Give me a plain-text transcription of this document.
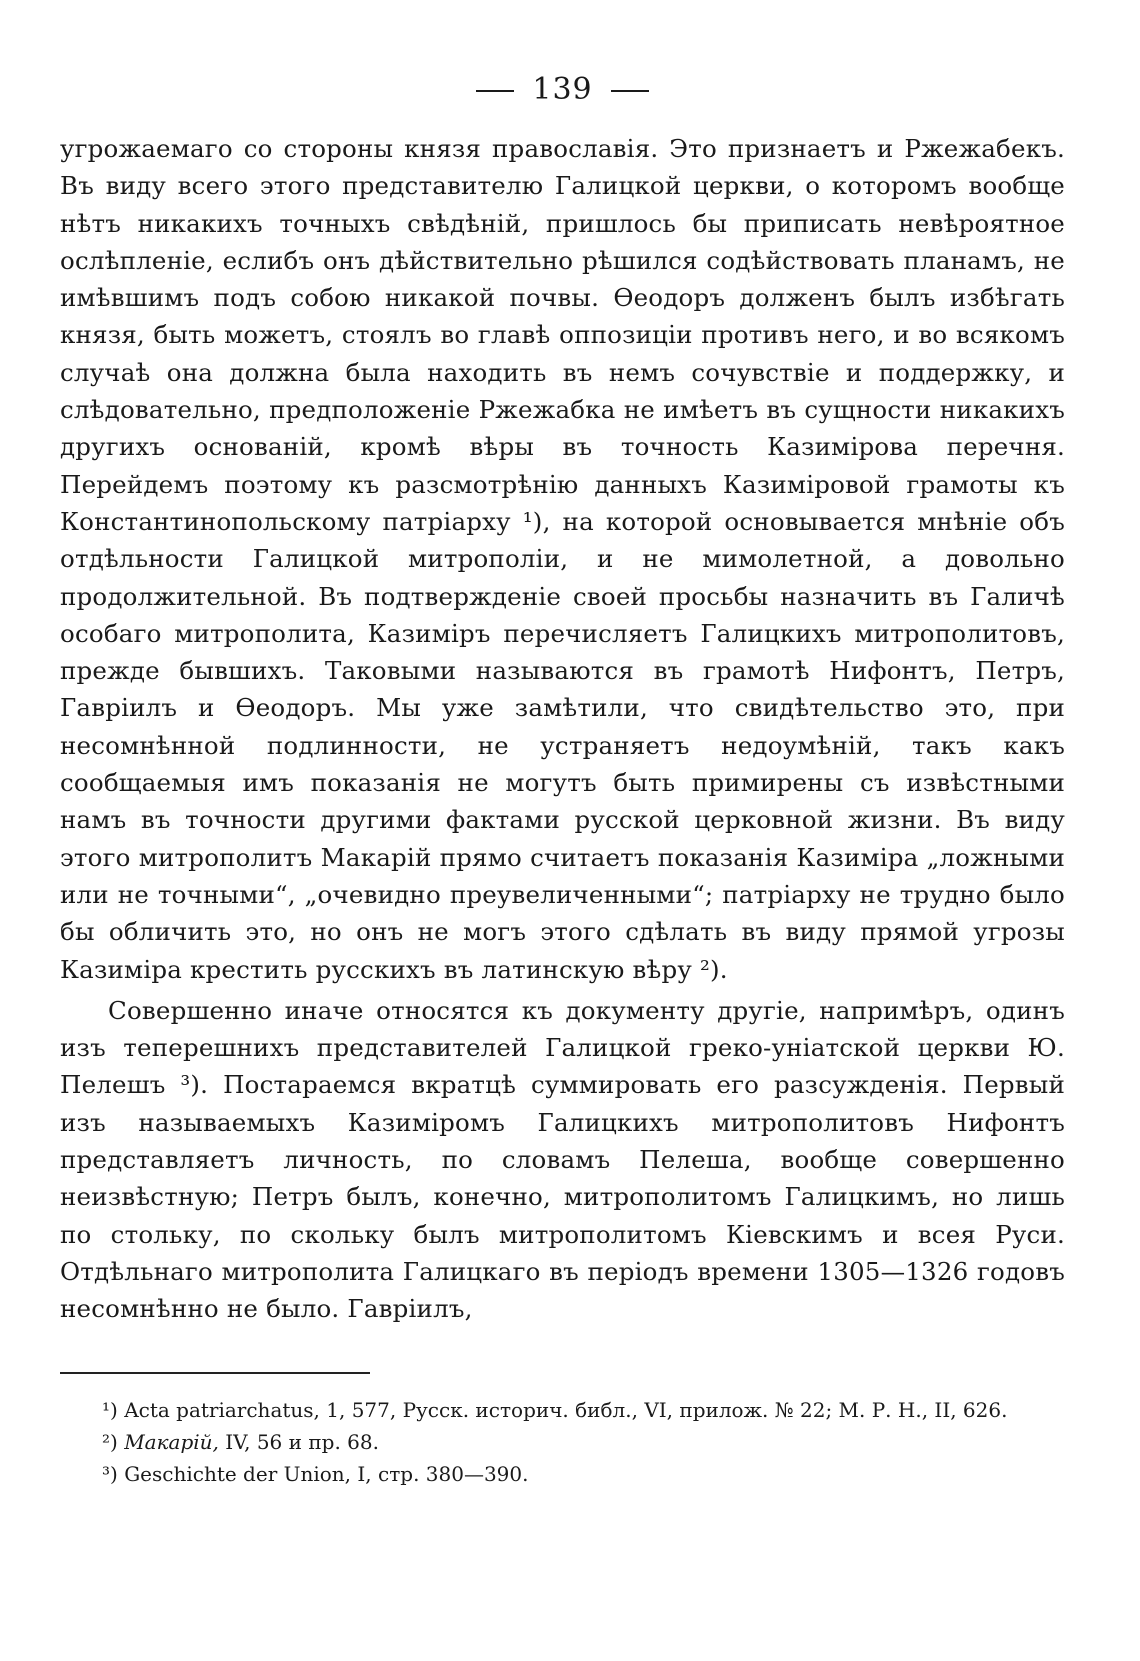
139

угрожаемаго со стороны князя православія. Это признаетъ и Ржежабекъ. Въ виду всего этого представителю Галицкой церкви, о которомъ вообще нѣтъ никакихъ точныхъ свѣдѣній, пришлось бы приписать невѣроятное ослѣпленіе, еслибъ онъ дѣйствительно рѣшился содѣйствовать планамъ, не имѣвшимъ подъ собою никакой почвы. Ѳеодоръ долженъ былъ избѣгать князя, быть можетъ, стоялъ во главѣ оппозиціи противъ него, и во всякомъ случаѣ она должна была находить въ немъ сочувствіе и поддержку, и слѣдовательно, предположеніе Ржежабка не имѣетъ въ сущности никакихъ другихъ основаній, кромѣ вѣры въ точность Казимірова перечня. Перейдемъ поэтому къ разсмотрѣнію данныхъ Казиміровой грамоты къ Константинопольскому патріарху ¹), на которой основывается мнѣніе объ отдѣльности Галицкой митрополіи, и не мимолетной, а довольно продолжительной. Въ подтвержденіе своей просьбы назначить въ Галичѣ особаго митрополита, Казиміръ перечисляетъ Галицкихъ митрополитовъ, прежде бывшихъ. Таковыми называются въ грамотѣ Нифонтъ, Петръ, Гавріилъ и Ѳеодоръ. Мы уже замѣтили, что свидѣтельство это, при несомнѣнной подлинности, не устраняетъ недоумѣній, такъ какъ сообщаемыя имъ показанія не могутъ быть примирены съ извѣстными намъ въ точности другими фактами русской церковной жизни. Въ виду этого митрополитъ Макарій прямо считаетъ показанія Казиміра „ложными или не точными“, „очевидно преувеличенными“; патріарху не трудно было бы обличить это, но онъ не могъ этого сдѣлать въ виду прямой угрозы Казиміра крестить русскихъ въ латинскую вѣру ²).

Совершенно иначе относятся къ документу другіе, напримѣръ, одинъ изъ теперешнихъ представителей Галицкой греко-уніатской церкви Ю. Пелешъ ³). Постараемся вкратцѣ суммировать его разсужденія. Первый изъ называемыхъ Казиміромъ Галицкихъ митрополитовъ Нифонтъ представляетъ личность, по словамъ Пелеша, вообще совершенно неизвѣстную; Петръ былъ, конечно, митрополитомъ Галицкимъ, но лишь по стольку, по скольку былъ митрополитомъ Кіевскимъ и всея Руси. Отдѣльнаго митрополита Галицкаго въ періодъ времени 1305—1326 годовъ несомнѣнно не было. Гавріилъ,

¹) Acta patriarchatus, 1, 577, Русск. историч. библ., VI, прилож. № 22; М. Р. Н., II, 626.

²) Макарій, IV, 56 и пр. 68.

³) Geschichte der Union, I, стр. 380—390.
